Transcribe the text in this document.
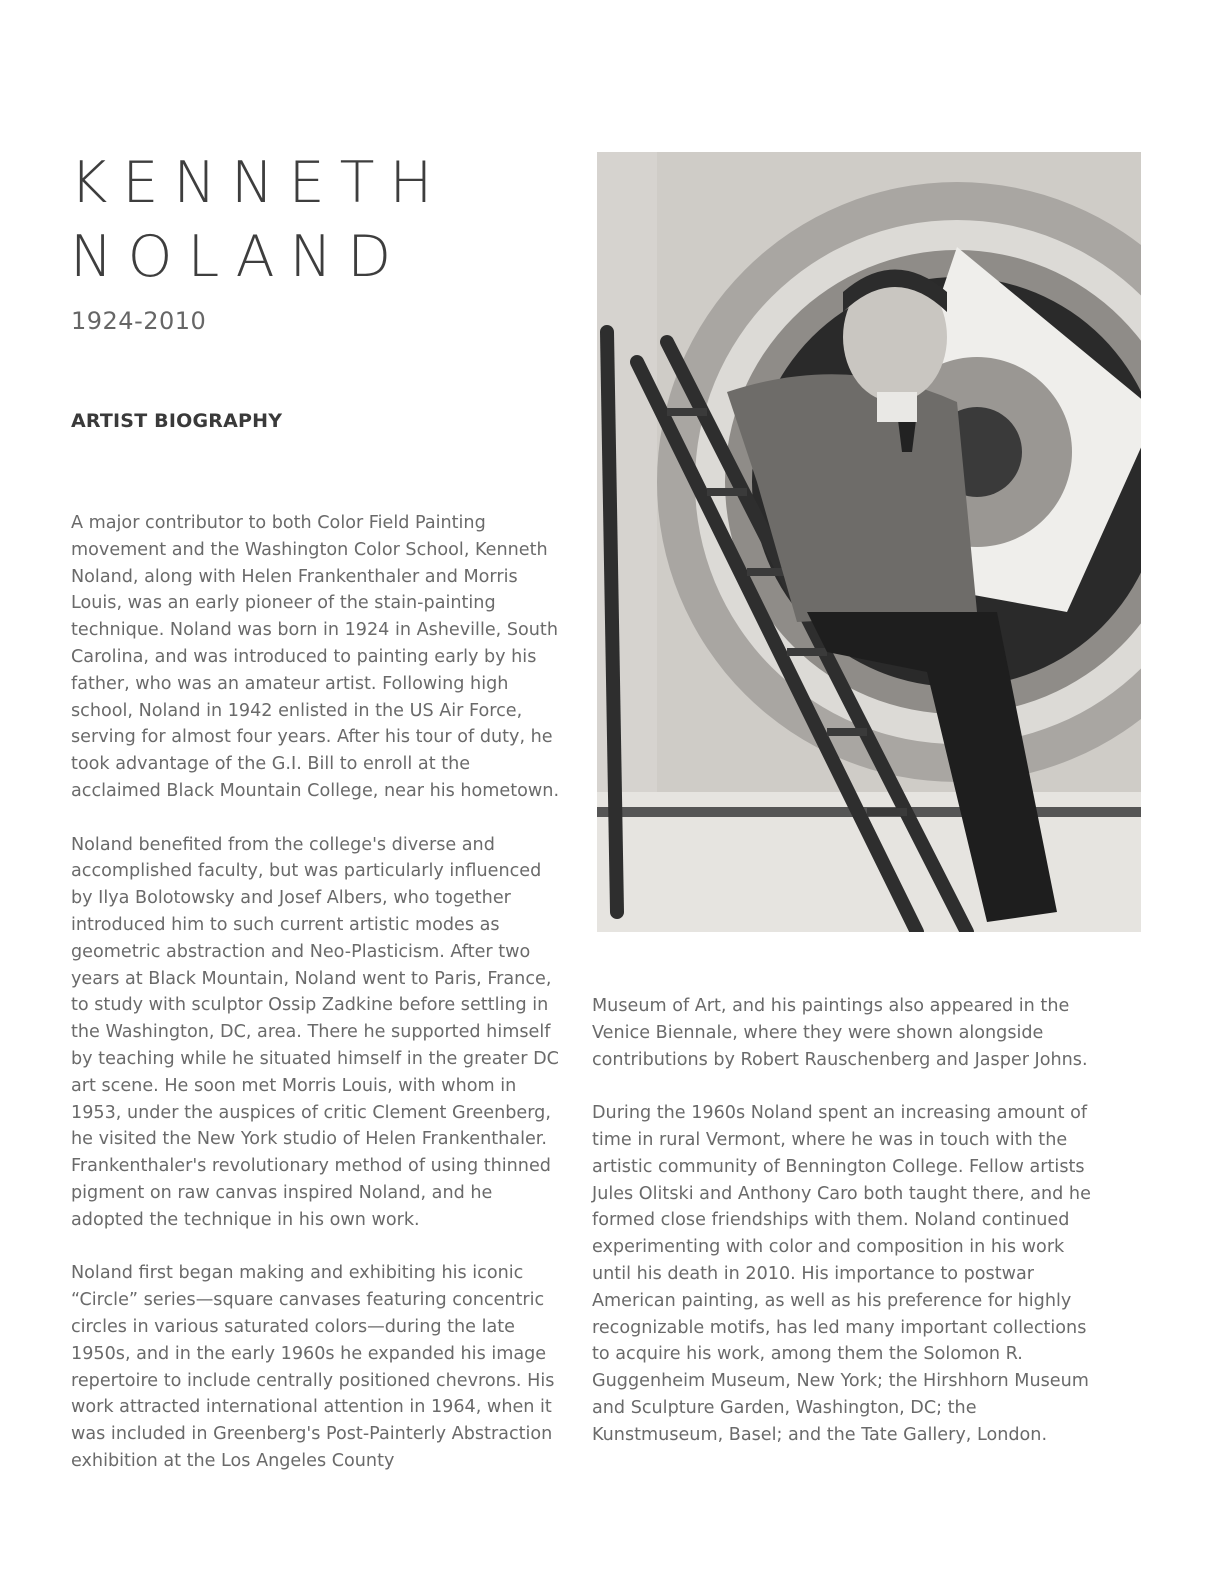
KENNETH
NOLAND
1924-2010
ARTIST BIOGRAPHY

A major contributor to both Color Field Painting movement and the Washington Color School, Kenneth Noland, along with Helen Frankenthaler and Morris Louis, was an early pioneer of the stain-painting technique. Noland was born in 1924 in Asheville, South Carolina, and was introduced to painting early by his father, who was an amateur artist. Following high school, Noland in 1942 enlisted in the US Air Force, serving for almost four years. After his tour of duty, he took advantage of the G.I. Bill to enroll at the acclaimed Black Mountain College, near his hometown.

Noland benefited from the college's diverse and accomplished faculty, but was particularly influenced by Ilya Bolotowsky and Josef Albers, who together introduced him to such current artistic modes as geometric abstraction and Neo-Plasticism. After two years at Black Mountain, Noland went to Paris, France, to study with sculptor Ossip Zadkine before settling in the Washington, DC, area. There he supported himself by teaching while he situated himself in the greater DC art scene. He soon met Morris Louis, with whom in 1953, under the auspices of critic Clement Greenberg, he visited the New York studio of Helen Frankenthaler. Frankenthaler's revolutionary method of using thinned pigment on raw canvas inspired Noland, and he adopted the technique in his own work.

Noland first began making and exhibiting his iconic “Circle” series—square canvases featuring concentric circles in various saturated colors—during the late 1950s, and in the early 1960s he expanded his image repertoire to include centrally positioned chevrons. His work attracted international attention in 1964, when it was included in Greenberg's Post-Painterly Abstraction exhibition at the Los Angeles County

Museum of Art, and his paintings also appeared in the Venice Biennale, where they were shown alongside contributions by Robert Rauschenberg and Jasper Johns.

During the 1960s Noland spent an increasing amount of time in rural Vermont, where he was in touch with the artistic community of Bennington College. Fellow artists Jules Olitski and Anthony Caro both taught there, and he formed close friendships with them. Noland continued experimenting with color and composition in his work until his death in 2010. His importance to postwar American painting, as well as his preference for highly recognizable motifs, has led many important collections to acquire his work, among them the Solomon R. Guggenheim Museum, New York; the Hirshhorn Museum and Sculpture Garden, Washington, DC; the Kunstmuseum, Basel; and the Tate Gallery, London.
